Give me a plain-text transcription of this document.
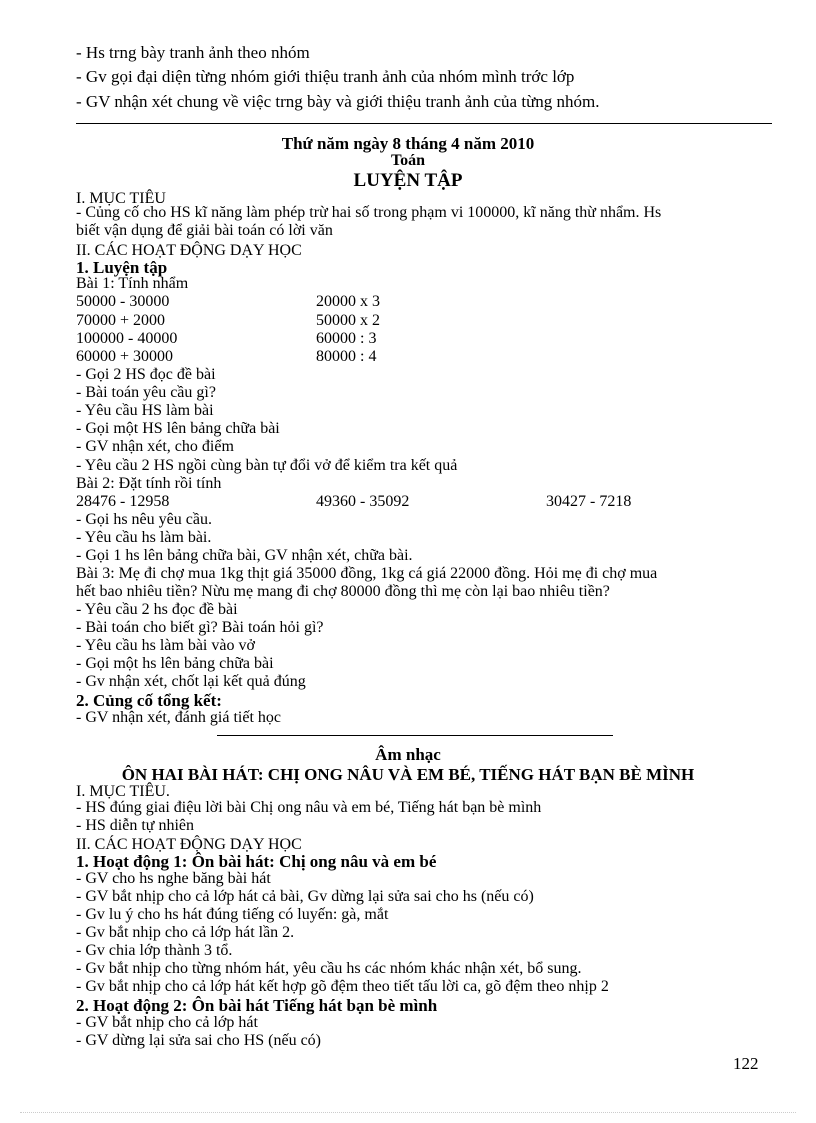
- Hs trng bày tranh ảnh theo nhóm
- Gv gọi đại diện từng nhóm giới thiệu tranh ảnh của nhóm mình trớc lớp
- GV nhận xét chung về việc trng bày và giới thiệu tranh ảnh của từng nhóm.
Thứ năm ngày 8 tháng 4 năm 2010
Toán
LUYỆN TẬP
I. MỤC TIÊU
- Củng cố cho HS kĩ năng làm phép trừ hai số trong phạm vi 100000, kĩ năng thừ nhẩm. Hs
biết vận dụng để giải bài toán có lời văn
II. CÁC HOẠT ĐỘNG DẠY HỌC
1. Luyện tập
Bài 1: Tính nhẩm
50000 - 30000	20000 x 3
70000 + 2000	50000 x 2
100000 - 40000	60000 : 3
60000 + 30000	80000 : 4
- Gọi 2 HS đọc đề bài
- Bài toán yêu cầu gì?
- Yêu cầu HS làm bài
- Gọi một HS lên bảng chữa bài
- GV nhận xét, cho điểm
- Yêu cầu 2 HS ngồi cùng bàn tự đổi vở để kiểm tra kết quả
Bài 2: Đặt tính rồi tính
28476 - 12958	49360 - 35092	30427 - 7218
- Gọi hs nêu yêu cầu.
- Yêu cầu hs làm bài.
- Gọi 1 hs lên bảng chữa bài, GV nhận xét, chữa bài.
Bài 3: Mẹ đi chợ mua 1kg thịt giá 35000 đồng, 1kg cá giá 22000 đồng. Hỏi mẹ đi chợ mua
hết bao nhiêu tiền? Nừu mẹ mang đi chợ 80000 đồng thì mẹ còn lại bao nhiêu tiền?
- Yêu cầu 2 hs đọc đề bài
- Bài toán cho biết gì? Bài toán hỏi gì?
- Yêu cầu hs làm bài vào vở
- Gọi một hs lên bảng chữa bài
- Gv nhận xét, chốt lại kết quả đúng
2. Củng cố tổng kết:
- GV nhận xét, đánh giá tiết học
Âm nhạc
ÔN HAI BÀI HÁT: CHỊ ONG NÂU VÀ EM BÉ, TIẾNG HÁT BẠN BÈ MÌNH
I. MỤC TIÊU.
- HS đúng giai điệu lời bài Chị ong nâu và em bé, Tiếng hát bạn bè mình
- HS diễn tự nhiên
II. CÁC HOẠT ĐỘNG DẠY HỌC
1. Hoạt động 1: Ôn bài hát: Chị ong nâu và em bé
- GV cho hs nghe băng bài hát
- GV bắt nhịp cho cả lớp hát cả bài, Gv dừng lại sửa sai cho hs (nếu có)
- Gv lu ý cho hs hát đúng tiếng có luyến: gà, mắt
- Gv bắt nhịp cho cả lớp hát lần 2.
- Gv chia lớp thành 3 tổ.
- Gv bắt nhịp cho từng nhóm hát, yêu cầu hs các nhóm khác nhận xét, bổ sung.
- Gv bắt nhịp cho cả lớp hát kết hợp gõ đệm theo tiết tấu lời ca, gõ đệm theo nhịp 2
2. Hoạt động 2: Ôn bài hát Tiếng hát bạn bè mình
- GV bắt nhịp cho cả lớp hát
- GV dừng lại sửa sai cho HS (nếu có)
122
